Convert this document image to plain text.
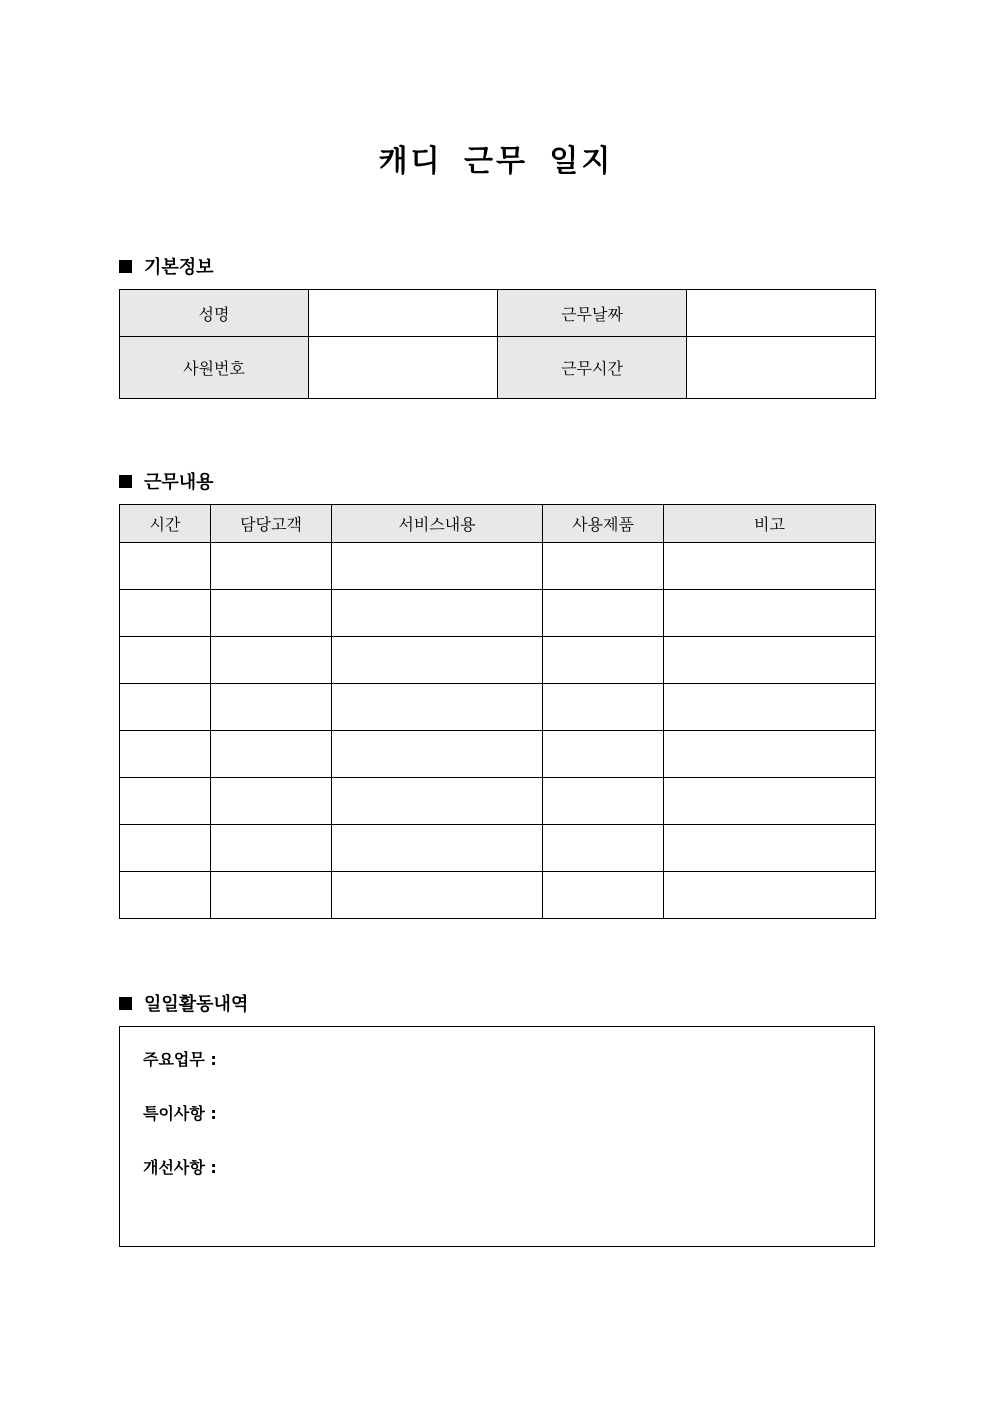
캐디 근무 일지
기본정보
성명		근무날짜	
사원번호		근무시간	
근무내용
시간	담당고객	서비스내용	사용제품	비고

일일활동내역
주요업무 :
특이사항 :
개선사항 :
